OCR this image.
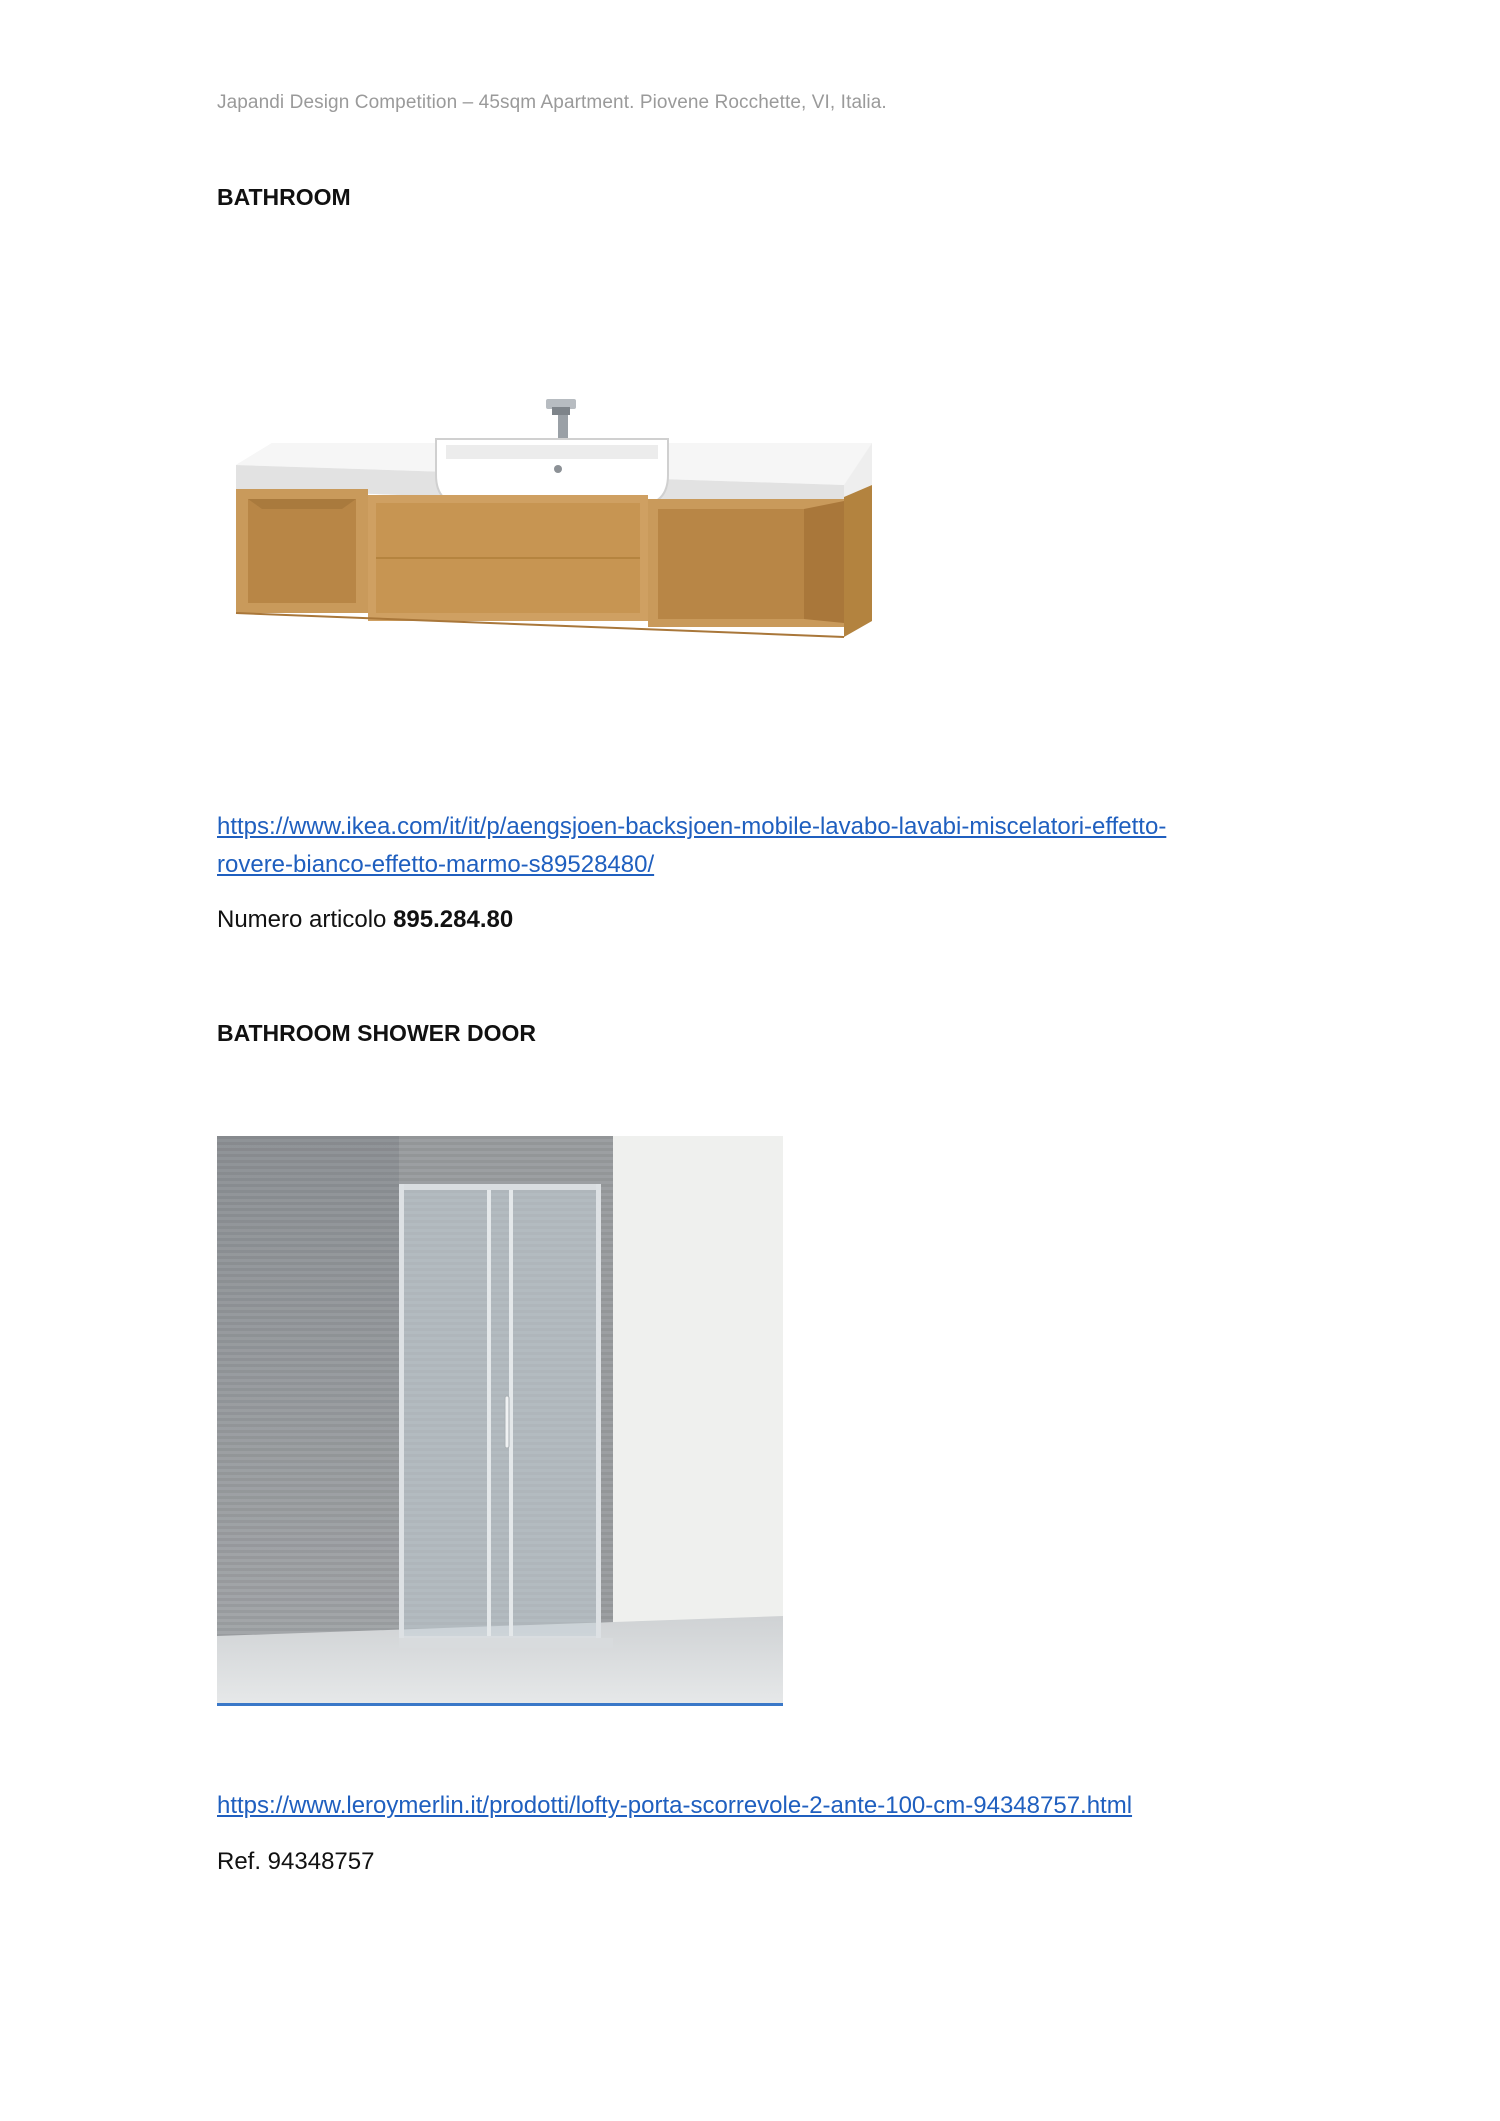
Japandi Design Competition – 45sqm Apartment. Piovene Rocchette, VI, Italia.
BATHROOM
https://www.ikea.com/it/it/p/aengsjoen-backsjoen-mobile-lavabo-lavabi-miscelatori-effetto-
rovere-bianco-effetto-marmo-s89528480/
Numero articolo 895.284.80
BATHROOM SHOWER DOOR
https://www.leroymerlin.it/prodotti/lofty-porta-scorrevole-2-ante-100-cm-94348757.html
Ref. 94348757
